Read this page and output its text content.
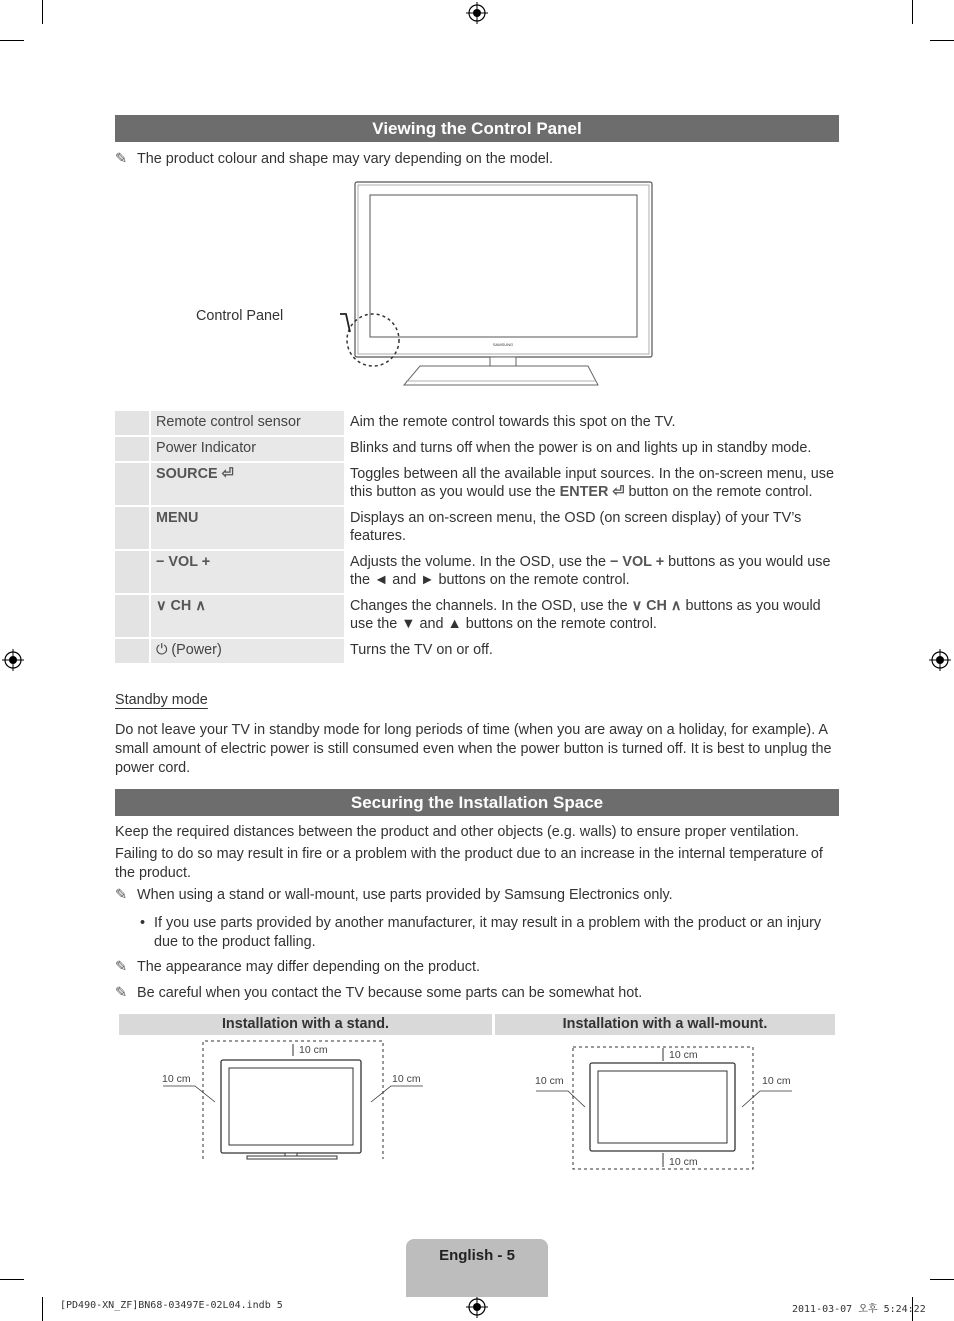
Viewing the Control Panel
✎ The product colour and shape may vary depending on the model.
SAMSUNG
Control Panel
	Remote control sensor	Aim the remote control towards this spot on the TV.
	Power Indicator	Blinks and turns off when the power is on and lights up in standby mode.
	SOURCE ⏎	Toggles between all the available input sources. In the on-screen menu, use this button as you would use the ENTER ⏎ button on the remote control.
	MENU	Displays an on-screen menu, the OSD (on screen display) of your TV’s features.
	− VOL +	Adjusts the volume. In the OSD, use the − VOL + buttons as you would use the ◄ and ► buttons on the remote control.
	∨ CH ∧	Changes the channels. In the OSD, use the ∨ CH ∧ buttons as you would use the ▼ and ▲ buttons on the remote control.
	⏻ (Power)	Turns the TV on or off.
Standby mode
Do not leave your TV in standby mode for long periods of time (when you are away on a holiday, for example). A small amount of electric power is still consumed even when the power button is turned off. It is best to unplug the power cord.
Securing the Installation Space
Keep the required distances between the product and other objects (e.g. walls) to ensure proper ventilation.
Failing to do so may result in fire or a problem with the product due to an increase in the internal temperature of the product.
✎ When using a stand or wall-mount, use parts provided by Samsung Electronics only.
• If you use parts provided by another manufacturer, it may result in a problem with the product or an injury due to the product falling.
✎ The appearance may differ depending on the product.
✎ Be careful when you contact the TV because some parts can be somewhat hot.
Installation with a stand.	Installation with a wall-mount.
10 cm
10 cm	10 cm
10 cm
10 cm
10 cm	10 cm
English - 5
[PD490-XN_ZF]BN68-03497E-02L04.indb 5	2011-03-07 오후 5:24:22
